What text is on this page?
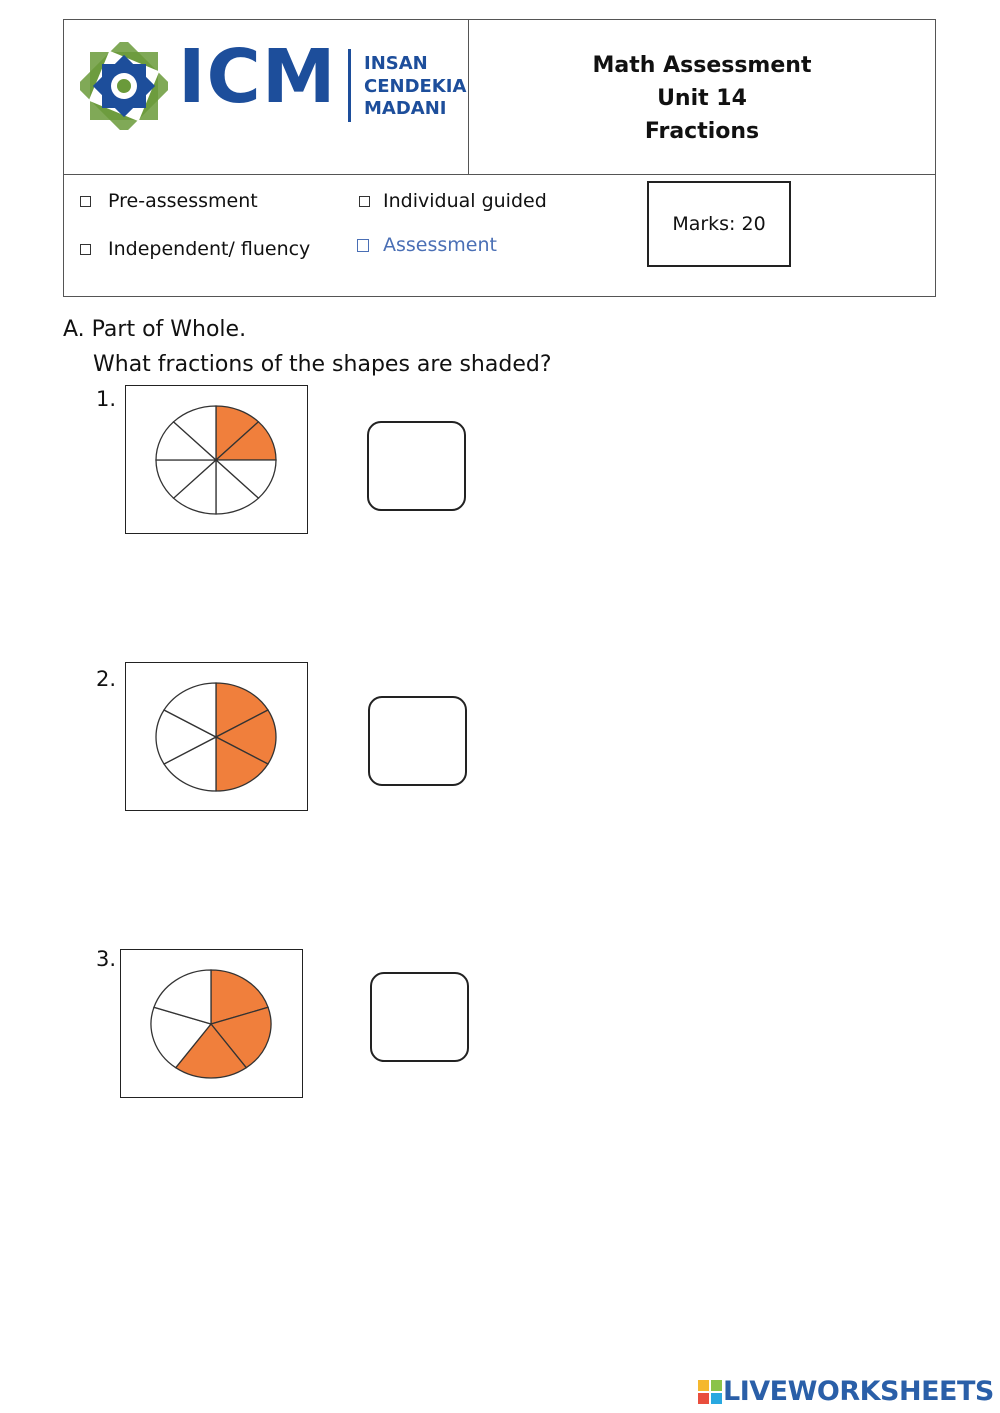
ICM INSAN
CENDEKIA
MADANI
Math Assessment
Unit 14
Fractions
Pre-assessment	Individual guided
Independent/ fluency	Assessment
Marks: 20
A. Part of Whole.
What fractions of the shapes are shaded?
1.
2.
3.
LIVEWORKSHEETS
